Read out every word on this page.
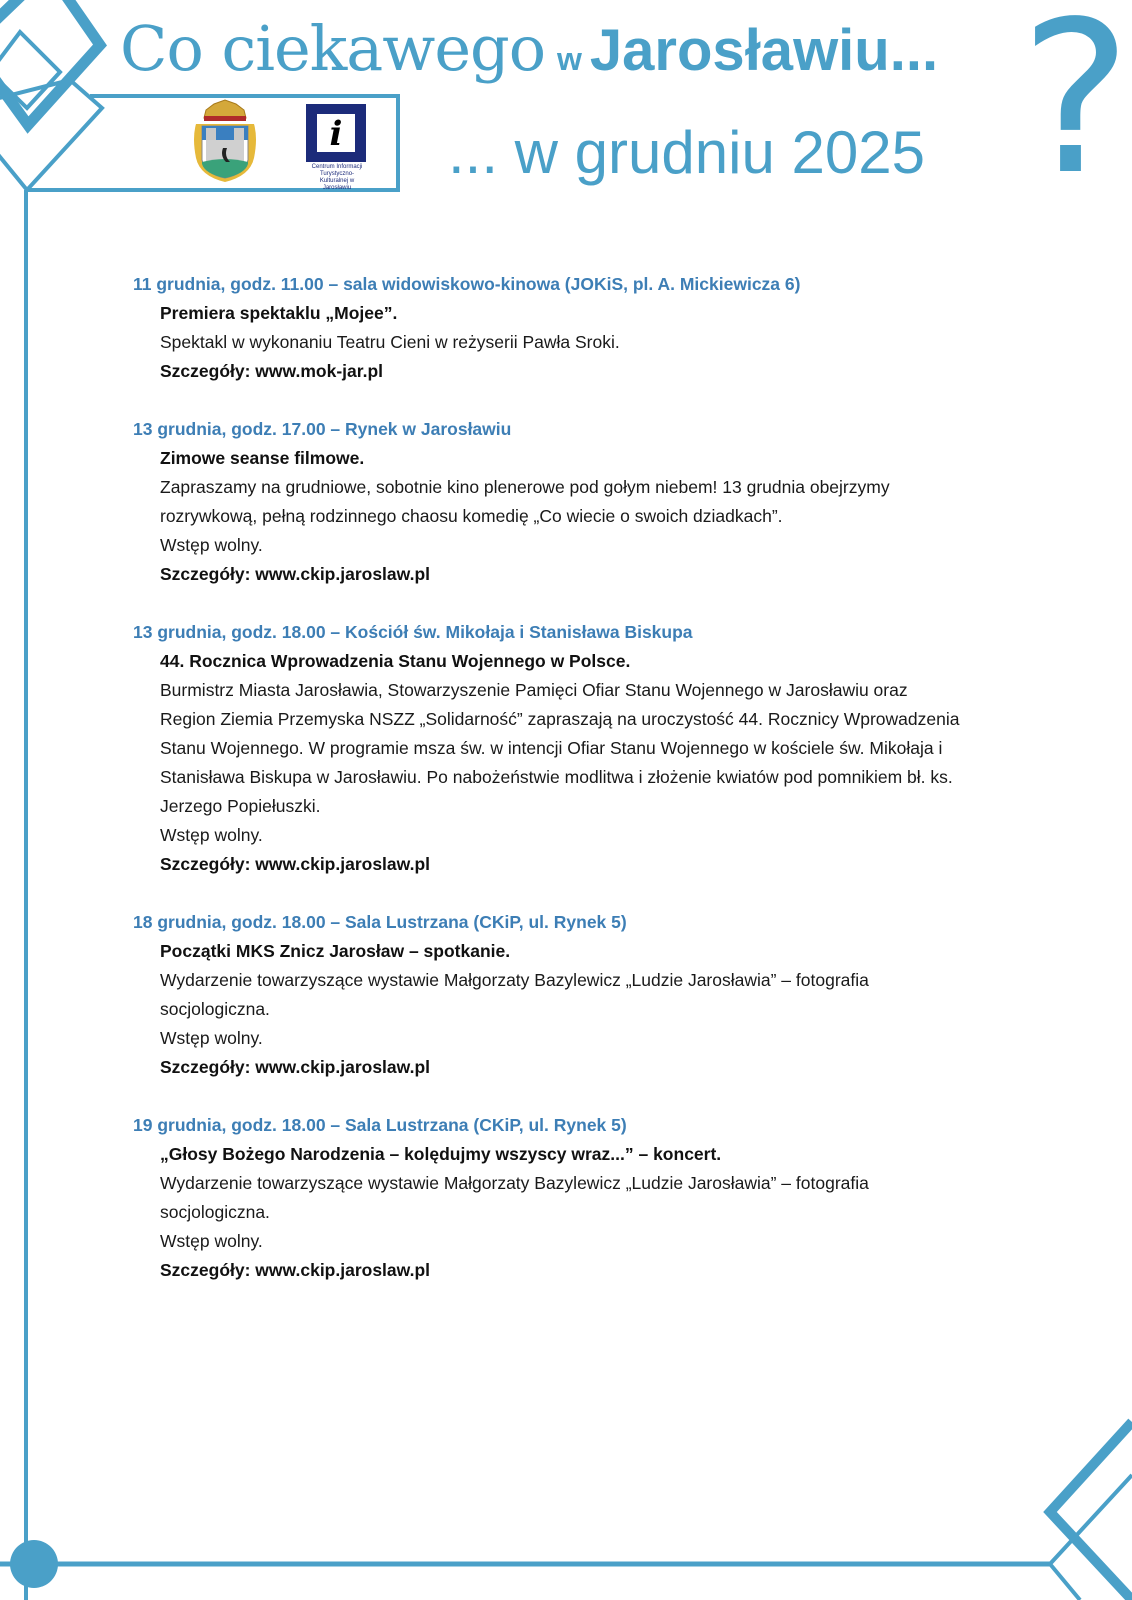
Co ciekawego w Jarosławiu...
... w grudniu 2025 ?
i
Centrum Informacji Turystyczno-Kulturalnej w Jarosławiu
11 grudnia, godz. 11.00 – sala widowiskowo-kinowa (JOKiS, pl. A. Mickiewicza 6)
Premiera spektaklu „Mojee”.
Spektakl w wykonaniu Teatru Cieni w reżyserii Pawła Sroki.
Szczegóły: www.mok-jar.pl
13 grudnia, godz. 17.00 – Rynek w Jarosławiu
Zimowe seanse filmowe.
Zapraszamy na grudniowe, sobotnie kino plenerowe pod gołym niebem! 13 grudnia obejrzymy rozrywkową, pełną rodzinnego chaosu komedię „Co wiecie o swoich dziadkach”.
Wstęp wolny.
Szczegóły: www.ckip.jaroslaw.pl
13 grudnia, godz. 18.00 – Kościół św. Mikołaja i Stanisława Biskupa
44. Rocznica Wprowadzenia Stanu Wojennego w Polsce.
Burmistrz Miasta Jarosławia, Stowarzyszenie Pamięci Ofiar Stanu Wojennego w Jarosławiu oraz Region Ziemia Przemyska NSZZ „Solidarność” zapraszają na uroczystość 44. Rocznicy Wprowadzenia Stanu Wojennego. W programie msza św. w intencji Ofiar Stanu Wojennego w kościele św. Mikołaja i Stanisława Biskupa w Jarosławiu. Po nabożeństwie modlitwa i złożenie kwiatów pod pomnikiem bł. ks. Jerzego Popiełuszki.
Wstęp wolny.
Szczegóły: www.ckip.jaroslaw.pl
18 grudnia, godz. 18.00 – Sala Lustrzana (CKiP, ul. Rynek 5)
Początki MKS Znicz Jarosław – spotkanie.
Wydarzenie towarzyszące wystawie Małgorzaty Bazylewicz „Ludzie Jarosławia” – fotografia socjologiczna.
Wstęp wolny.
Szczegóły: www.ckip.jaroslaw.pl
19 grudnia, godz. 18.00 – Sala Lustrzana (CKiP, ul. Rynek 5)
„Głosy Bożego Narodzenia – kolędujmy wszyscy wraz...” – koncert.
Wydarzenie towarzyszące wystawie Małgorzaty Bazylewicz „Ludzie Jarosławia” – fotografia socjologiczna.
Wstęp wolny.
Szczegóły: www.ckip.jaroslaw.pl
